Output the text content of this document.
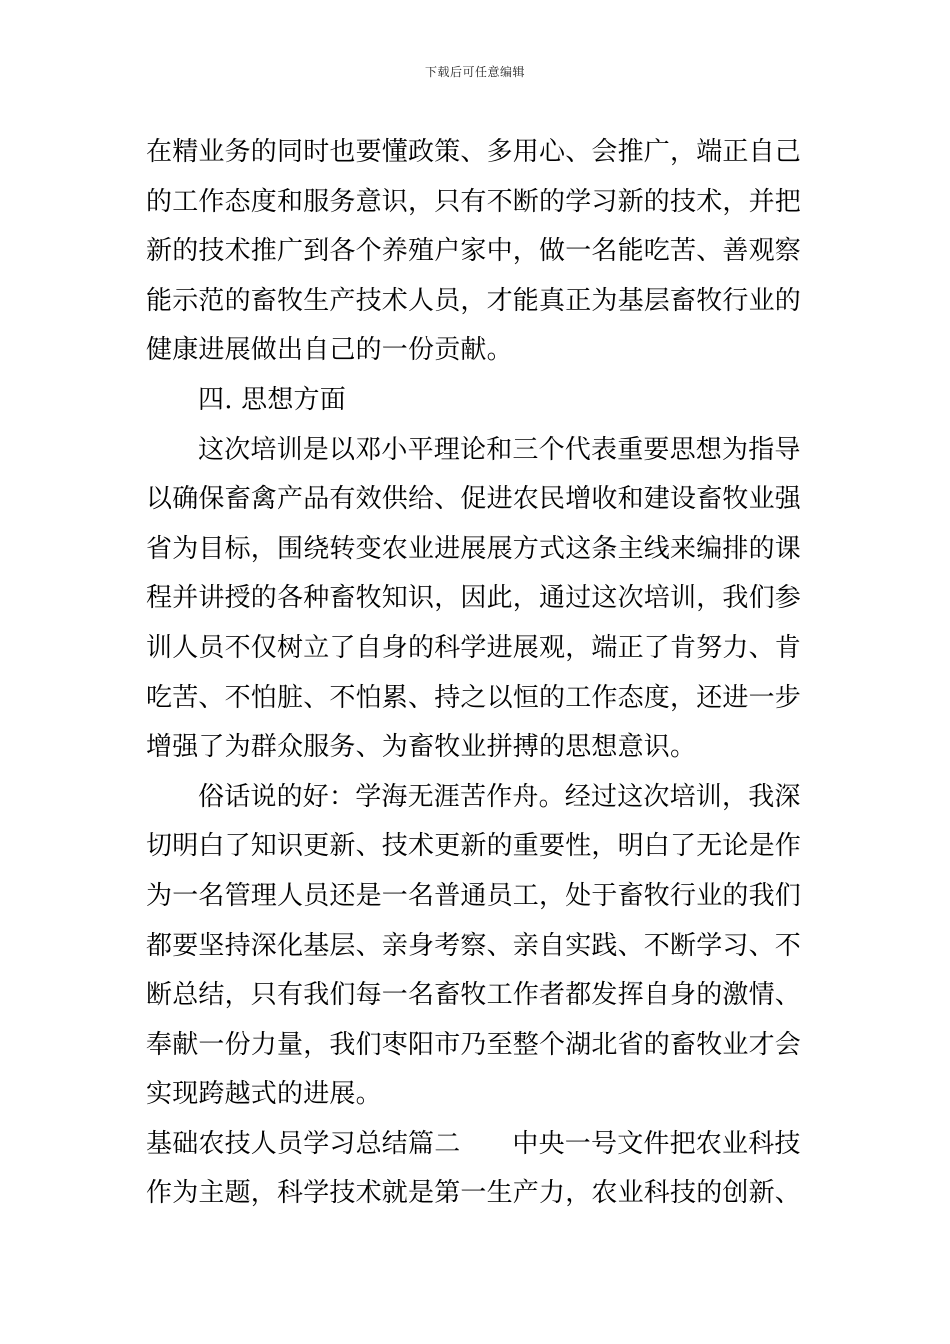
下载后可任意编辑
在精业务的同时也要懂政策、多用心、会推广，端正自己
的工作态度和服务意识，只有不断的学习新的技术，并把
新的技术推广到各个养殖户家中，做一名能吃苦、善观察
能示范的畜牧生产技术人员，才能真正为基层畜牧行业的
健康进展做出自己的一份贡献。
四. 思想方面
这次培训是以邓小平理论和三个代表重要思想为指导
以确保畜禽产品有效供给、促进农民增收和建设畜牧业强
省为目标，围绕转变农业进展展方式这条主线来编排的课
程并讲授的各种畜牧知识，因此，通过这次培训，我们参
训人员不仅树立了自身的科学进展观，端正了肯努力、肯
吃苦、不怕脏、不怕累、持之以恒的工作态度，还进一步
增强了为群众服务、为畜牧业拼搏的思想意识。
俗话说的好：学海无涯苦作舟。经过这次培训，我深
切明白了知识更新、技术更新的重要性，明白了无论是作
为一名管理人员还是一名普通员工，处于畜牧行业的我们
都要坚持深化基层、亲身考察、亲自实践、不断学习、不
断总结，只有我们每一名畜牧工作者都发挥自身的激情、
奉献一份力量，我们枣阳市乃至整个湖北省的畜牧业才会
实现跨越式的进展。
基础农技人员学习总结篇二 中央一号文件把农业科技
作为主题，科学技术就是第一生产力，农业科技的创新、
